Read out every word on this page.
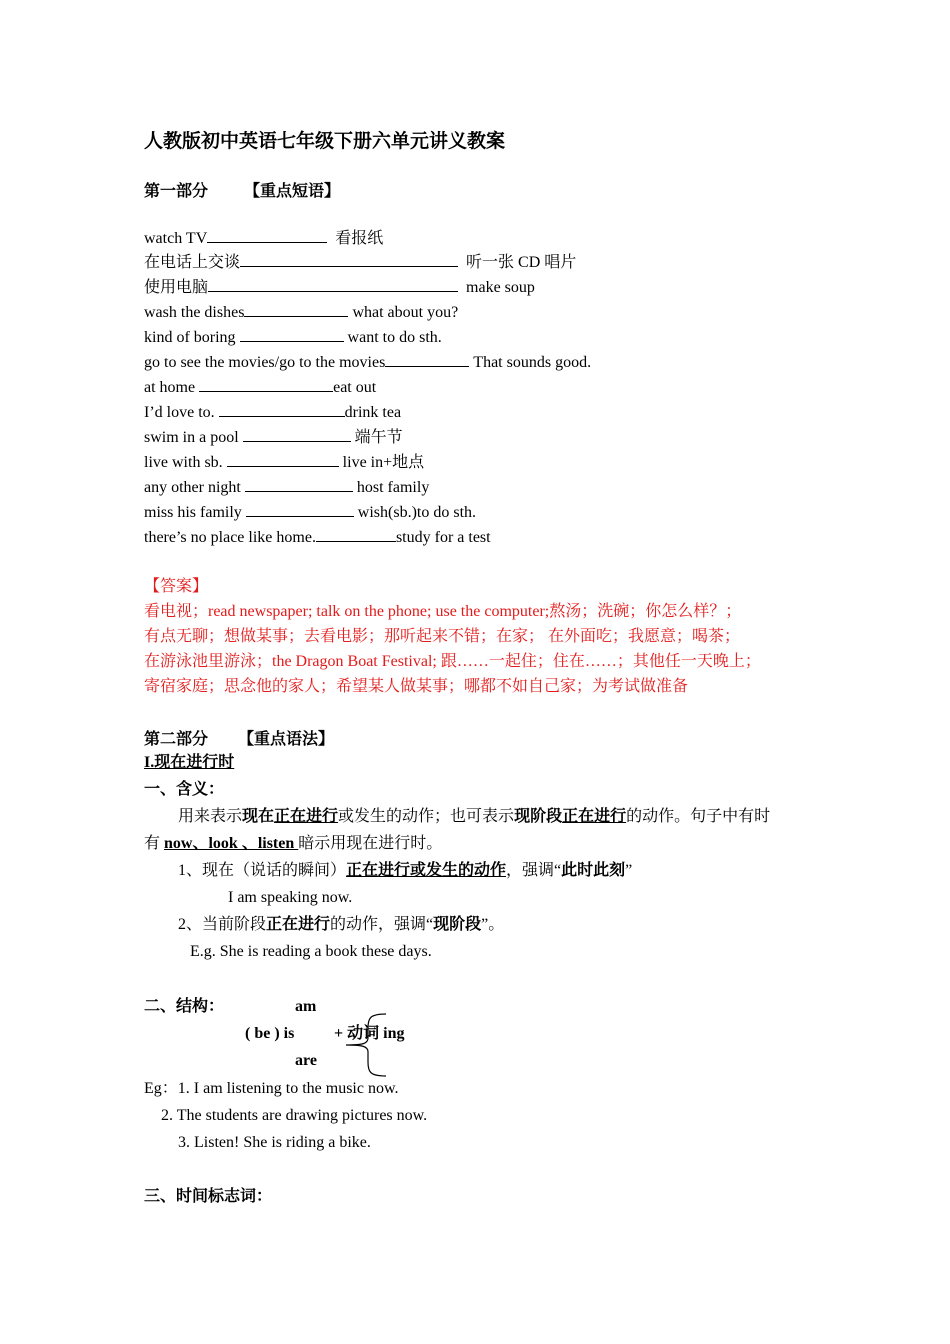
人教版初中英语七年级下册六单元讲义教案
第一部分 【重点短语】
watch TV	看报纸
在电话上交谈	听一张 CD 唱片
使用电脑	make soup
wash the dishes	what about you?
kind of boring	want to do sth.
go to see the movies/go to the movies	That sounds good.
at home	eat out
I’d love to.	drink tea
swim in a pool	端午节
live with sb.	live in+地点
any other night	host family
miss his family	wish(sb.)to do sth.
there’s no place like home.	study for a test
【答案】
看电视；read newspaper; talk on the phone; use the computer;熬汤；洗碗；你怎么样？；
有点无聊；想做某事；去看电影；那听起来不错；在家； 在外面吃；我愿意；喝茶；
在游泳池里游泳；the Dragon Boat Festival; 跟……一起住；住在……；其他任一天晚上；
寄宿家庭；思念他的家人；希望某人做某事；哪都不如自己家；为考试做准备
第二部分 【重点语法】
I.现在进行时
一、含义：
用来表示现在正在进行或发生的动作；也可表示现阶段正在进行的动作。句子中有时
有 now、look 、listen 暗示用现在进行时。
1、现在（说话的瞬间）正在进行或发生的动作，强调“此时此刻”
I am speaking now.
2、当前阶段正在进行的动作，强调“现阶段”。
E.g. She is reading a book these days.
二、结构：	am
( be ) is + 动词 ing
are
Eg：1. I am listening to the music now.
2. The students are drawing pictures now.
3. Listen! She is riding a bike.
三、时间标志词：
